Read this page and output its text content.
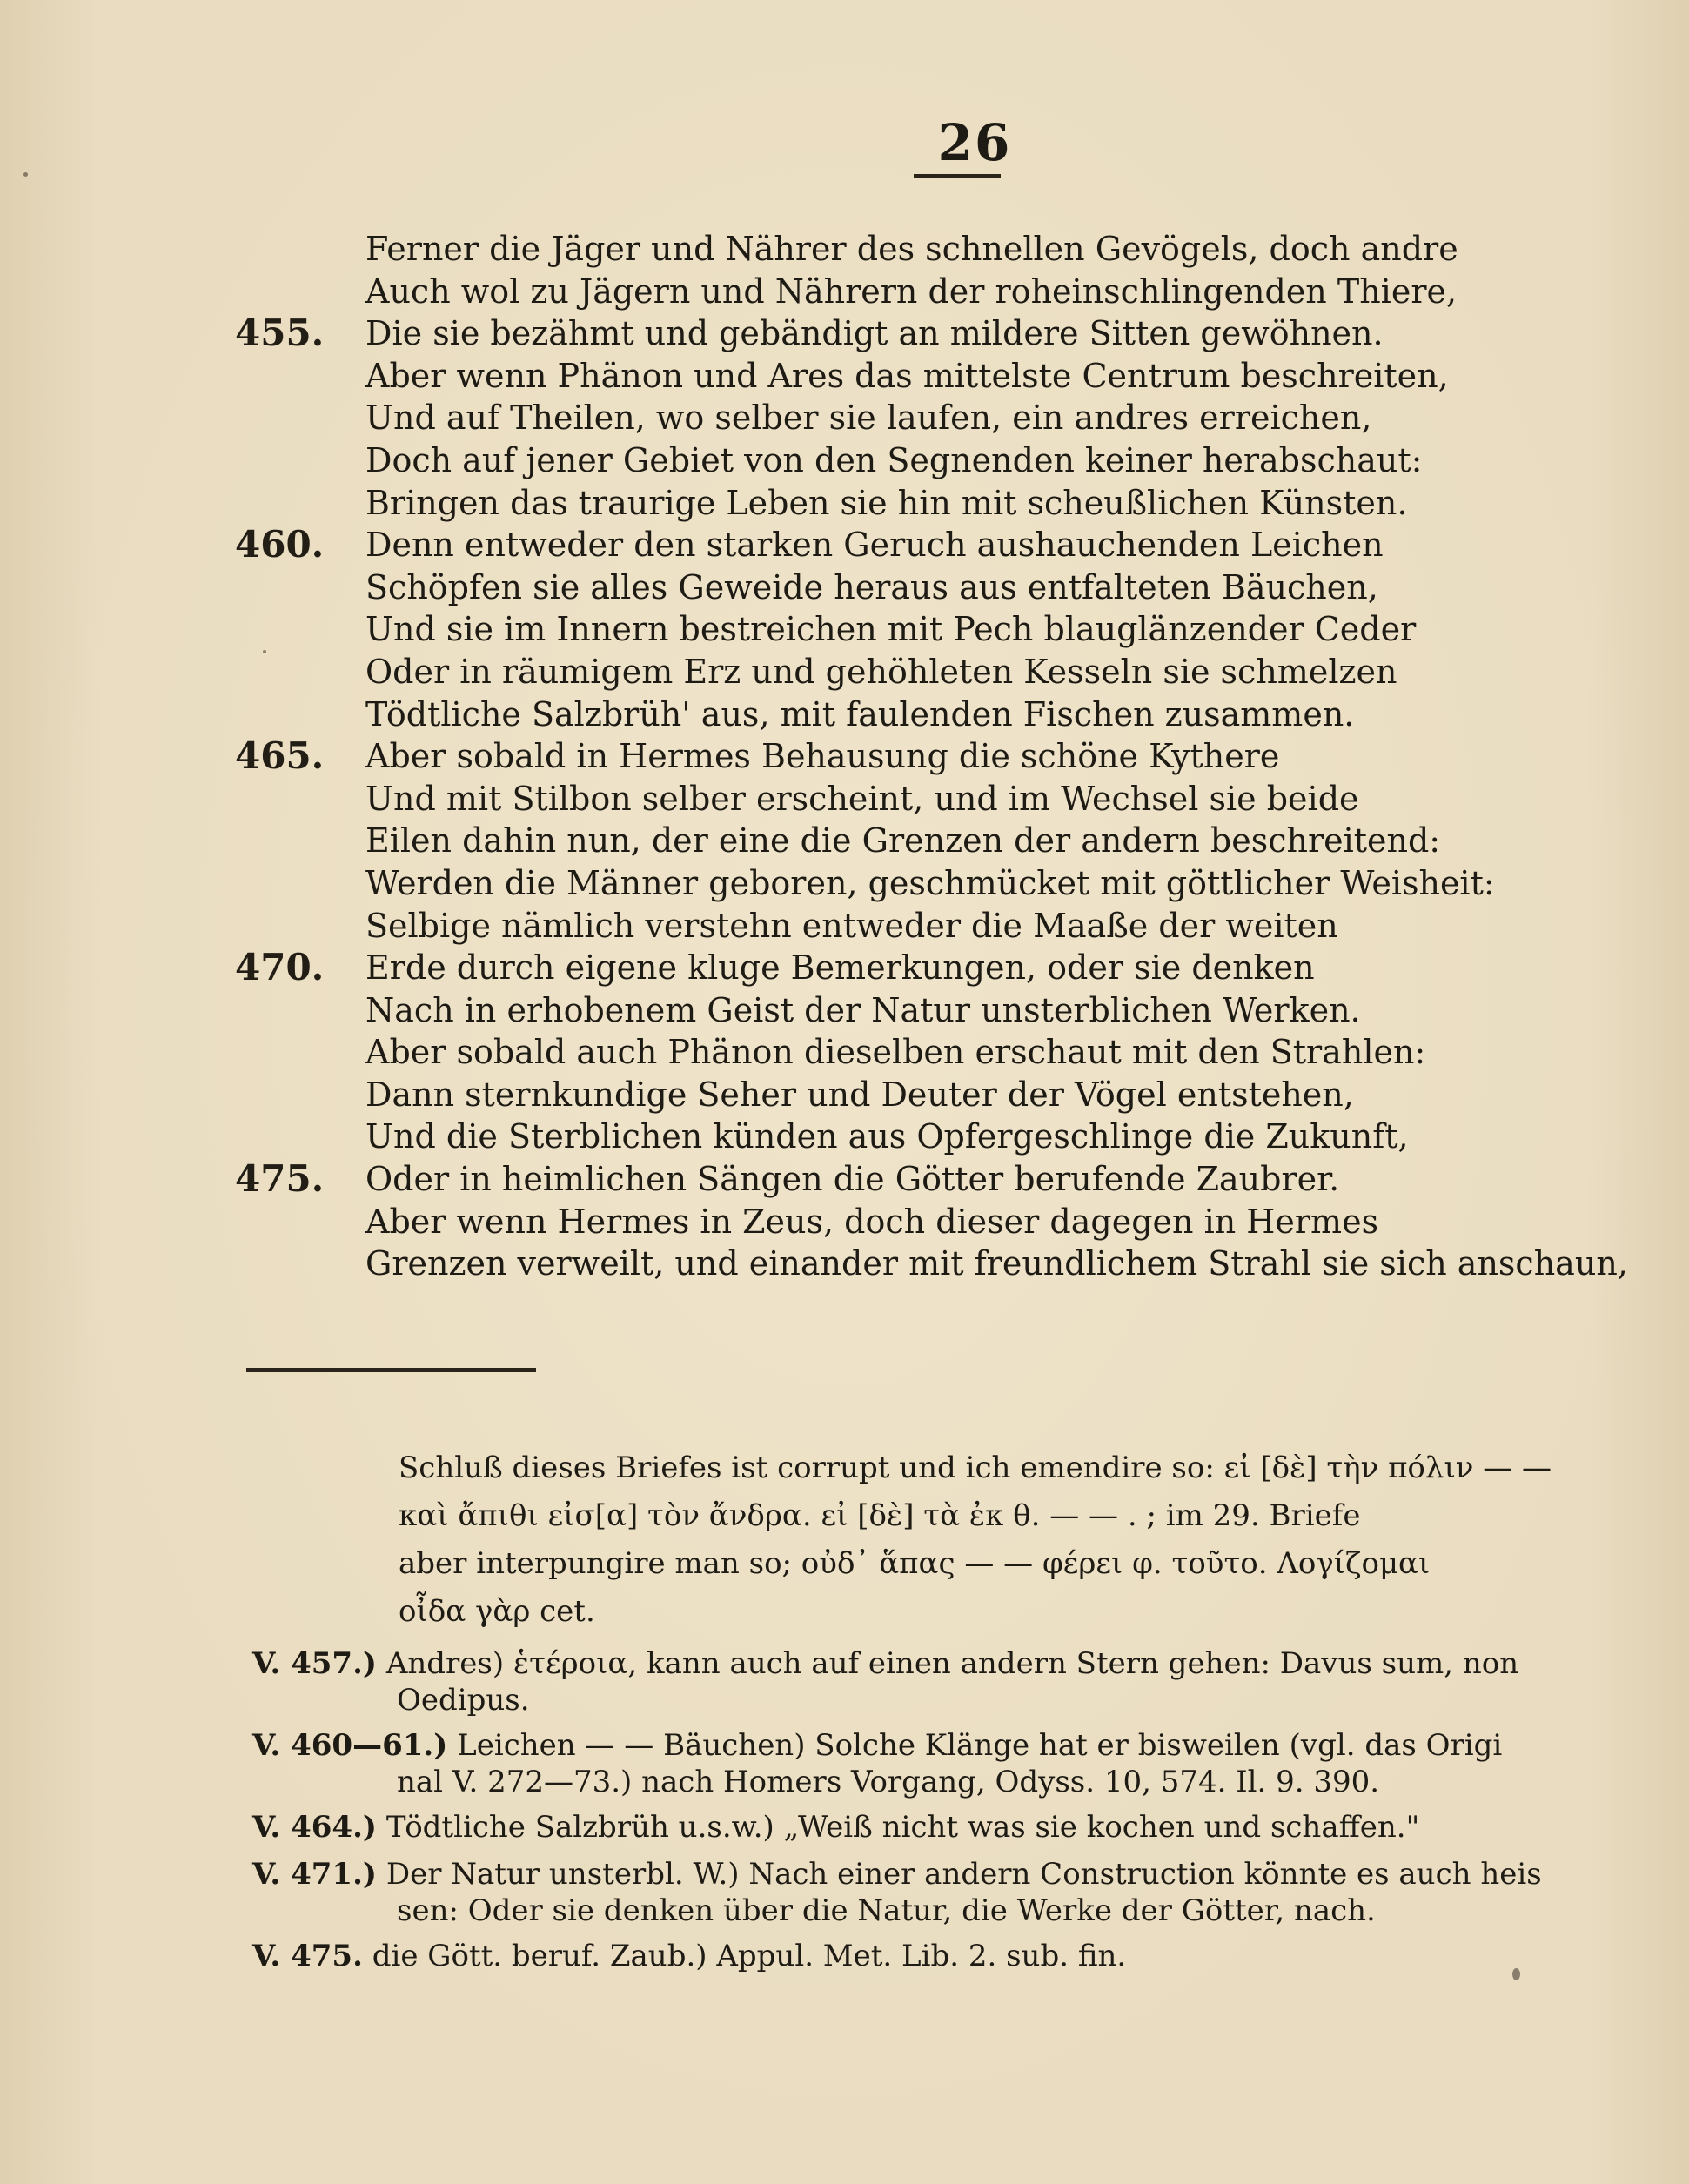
26
Ferner die Jäger und Nährer des schnellen Gevögels, doch andre
Auch wol zu Jägern und Nährern der roheinschlingenden Thiere,
455. Die sie bezähmt und gebändigt an mildere Sitten gewöhnen.
Aber wenn Phänon und Ares das mittelste Centrum beschreiten,
Und auf Theilen, wo selber sie laufen, ein andres erreichen,
Doch auf jener Gebiet von den Segnenden keiner herabschaut:
Bringen das traurige Leben sie hin mit scheußlichen Künsten.
460. Denn entweder den starken Geruch aushauchenden Leichen
Schöpfen sie alles Geweide heraus aus entfalteten Bäuchen,
Und sie im Innern bestreichen mit Pech blauglänzender Ceder
Oder in räumigem Erz und gehöhleten Kesseln sie schmelzen
Tödtliche Salzbrüh' aus, mit faulenden Fischen zusammen.
465. Aber sobald in Hermes Behausung die schöne Kythere
Und mit Stilbon selber erscheint, und im Wechsel sie beide
Eilen dahin nun, der eine die Grenzen der andern beschreitend:
Werden die Männer geboren, geschmücket mit göttlicher Weisheit:
Selbige nämlich verstehn entweder die Maaße der weiten
470. Erde durch eigene kluge Bemerkungen, oder sie denken
Nach in erhobenem Geist der Natur unsterblichen Werken.
Aber sobald auch Phänon dieselben erschaut mit den Strahlen:
Dann sternkundige Seher und Deuter der Vögel entstehen,
Und die Sterblichen künden aus Opfergeschlinge die Zukunft,
475. Oder in heimlichen Sängen die Götter berufende Zaubrer.
Aber wenn Hermes in Zeus, doch dieser dagegen in Hermes
Grenzen verweilt, und einander mit freundlichem Strahl sie sich anschaun,
Schluß dieses Briefes ist corrupt und ich emendire so: εἰ [δὲ] τὴν πόλιν — —
καὶ ἄπιθι εἰσ[α] τὸν ἄνδρα. εἰ [δὲ] τὰ ἐκ θ. — — . ; im 29. Briefe
aber interpungire man so; οὐδ᾽ ἅπας — — φέρει φ. τοῦτο. Λογίζομαι
οἶδα γὰρ cet.
V. 457.) Andres) ἑτέροια, kann auch auf einen andern Stern gehen: Davus sum, non
Oedipus.
V. 460—61.) Leichen — — Bäuchen) Solche Klänge hat er bisweilen (vgl. das Origi
nal V. 272—73.) nach Homers Vorgang, Odyss. 10, 574. Il. 9. 390.
V. 464.) Tödtliche Salzbrüh u.s.w.) „Weiß nicht was sie kochen und schaffen."
V. 471.) Der Natur unsterbl. W.) Nach einer andern Construction könnte es auch heis
sen: Oder sie denken über die Natur, die Werke der Götter, nach.
V. 475. die Gött. beruf. Zaub.) Appul. Met. Lib. 2. sub. fin.
